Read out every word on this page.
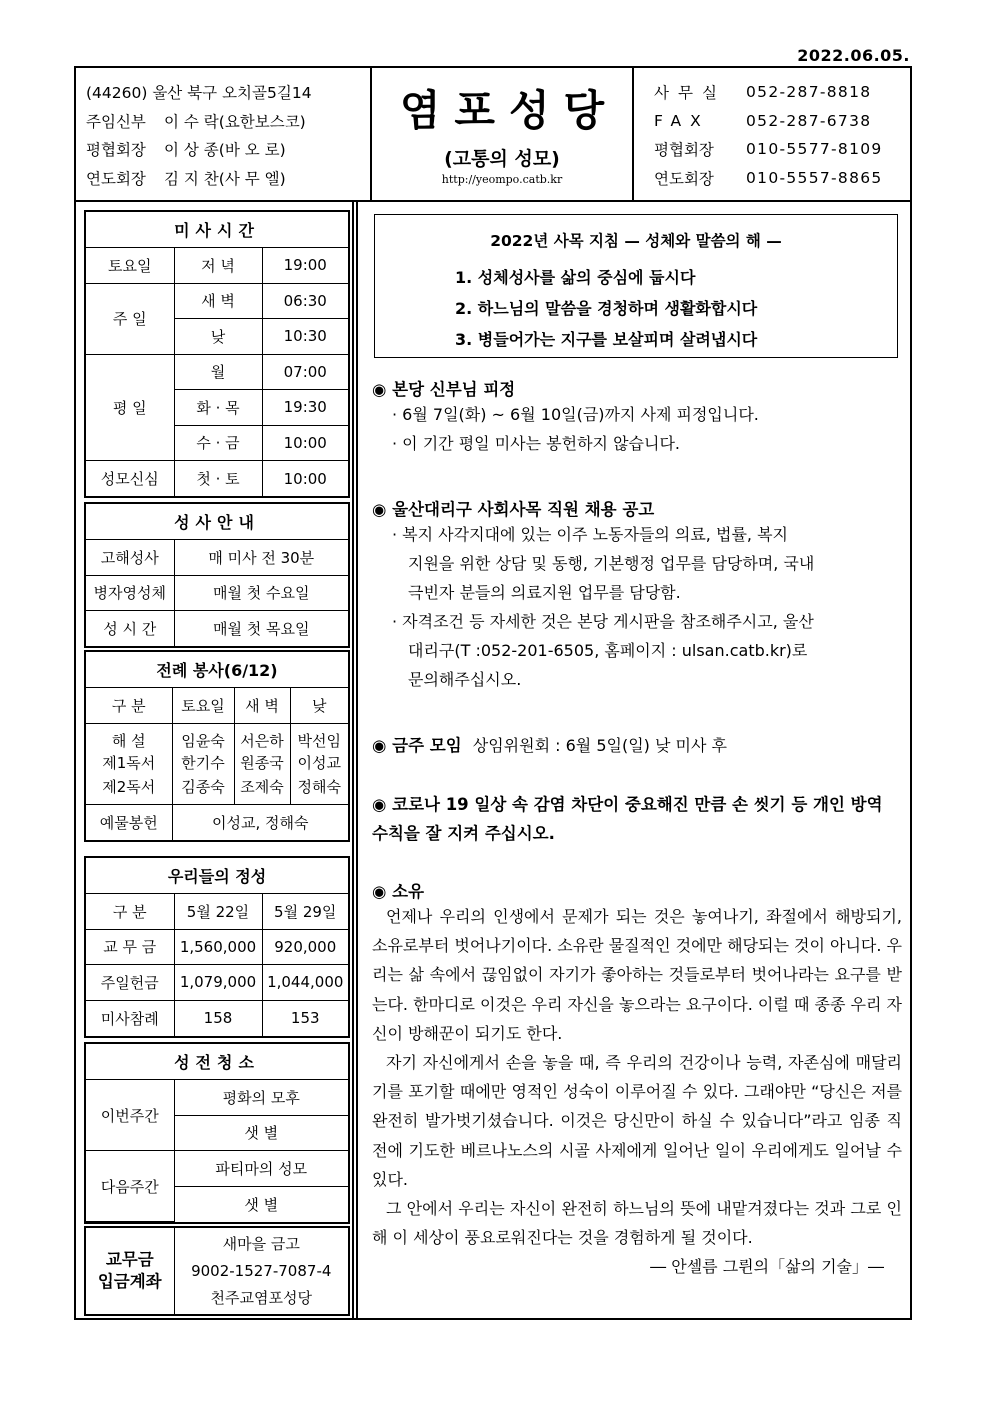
2022.06.05.
(44260) 울산 북구 오치골5길14
주임신부	이 수 락(요한보스코)
평협회장	이 상 종(바 오 로)
연도회장	김 지 찬(사 무 엘)
염포성당
(고통의 성모)
http://yeompo.catb.kr
사무실	052-287-8818
FAX	052-287-6738
평협회장	010-5577-8109
연도회장	010-5557-8865
미사시간		
토요일	저 녁	19:00
주 일	새 벽	06:30
	낮	10:30
평 일	월	07:00
	화 · 목	19:30
	수 · 금	10:00
성모신심	첫 · 토	10:00
성사안내	
고해성사	매 미사 전 30분
병자영성체	매월 첫 수요일
성 시 간	매월 첫 목요일
전례 봉사(6/12)			
구 분	토요일	새 벽	낮
해 설	임윤숙	서은하	박선임
제1독서	한기수	원종국	이성교
제2독서	김종숙	조제숙	정해숙
예물봉헌	이성교, 정해숙		
우리들의 정성		
구 분	5월 22일	5월 29일
교 무 금	1,560,000	920,000
주일헌금	1,079,000	1,044,000
미사참례	158	153
성전청소	
이번주간	평화의 모후
	샛 별
다음주간	파티마의 성모
	샛 별
교무금
입금계좌

새마을 금고
9002-1527-7087-4
천주교염포성당
2022년 사목 지침 — 성체와 말씀의 해 —
1. 성체성사를 삶의 중심에 둡시다
2. 하느님의 말씀을 경청하며 생활화합시다
3. 병들어가는 지구를 보살피며 살려냅시다
◉ 본당 신부님 피정
· 6월 7일(화) ~ 6월 10일(금)까지 사제 피정입니다.
· 이 기간 평일 미사는 봉헌하지 않습니다.
◉ 울산대리구 사회사목 직원 채용 공고
· 복지 사각지대에 있는 이주 노동자들의 의료, 법률, 복지
지원을 위한 상담 및 동행, 기본행정 업무를 담당하며, 국내
극빈자 분들의 의료지원 업무를 담당함.
· 자격조건 등 자세한 것은 본당 게시판을 참조해주시고, 울산
대리구(T :052-201-6505, 홈페이지 : ulsan.catb.kr)로
문의해주십시오.
◉ 금주 모임 상임위원회 : 6월 5일(일) 낮 미사 후
◉ 코로나 19 일상 속 감염 차단이 중요해진 만큼 손 씻기 등 개인 방역수칙을 잘 지켜 주십시오.
◉ 소유

언제나 우리의 인생에서 문제가 되는 것은 놓여나기, 좌절에서 해방되기, 소유로부터 벗어나기이다. 소유란 물질적인 것에만 해당되는 것이 아니다. 우리는 삶 속에서 끊임없이 자기가 좋아하는 것들로부터 벗어나라는 요구를 받는다. 한마디로 이것은 우리 자신을 놓으라는 요구이다. 이럴 때 종종 우리 자신이 방해꾼이 되기도 한다.

자기 자신에게서 손을 놓을 때, 즉 우리의 건강이나 능력, 자존심에 매달리기를 포기할 때에만 영적인 성숙이 이루어질 수 있다. 그래야만 “당신은 저를 완전히 발가벗기셨습니다. 이것은 당신만이 하실 수 있습니다”라고 임종 직전에 기도한 베르나노스의 시골 사제에게 일어난 일이 우리에게도 일어날 수 있다.

그 안에서 우리는 자신이 완전히 하느님의 뜻에 내맡겨졌다는 것과 그로 인해 이 세상이 풍요로워진다는 것을 경험하게 될 것이다.

― 안셀름 그륀의「삶의 기술」―
